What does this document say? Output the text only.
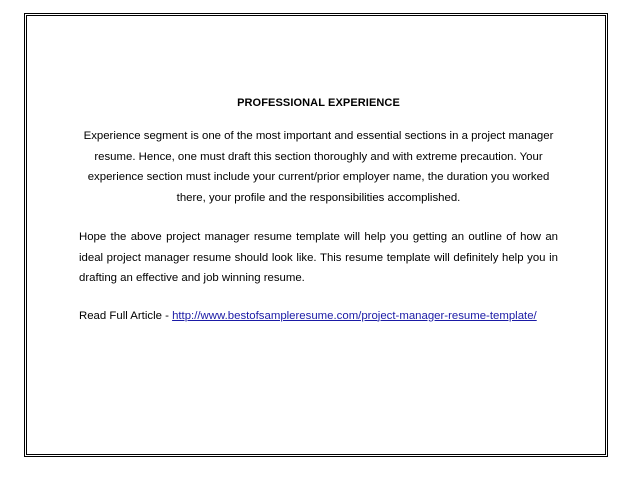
PROFESSIONAL EXPERIENCE

Experience segment is one of the most important and essential sections in a project manager resume. Hence, one must draft this section thoroughly and with extreme precaution. Your experience section must include your current/prior employer name, the duration you worked there, your profile and the responsibilities accomplished.

Hope the above project manager resume template will help you getting an outline of how an ideal project manager resume should look like. This resume template will definitely help you in drafting an effective and job winning resume.

Read Full Article - http://www.bestofsampleresume.com/project-manager-resume-template/
